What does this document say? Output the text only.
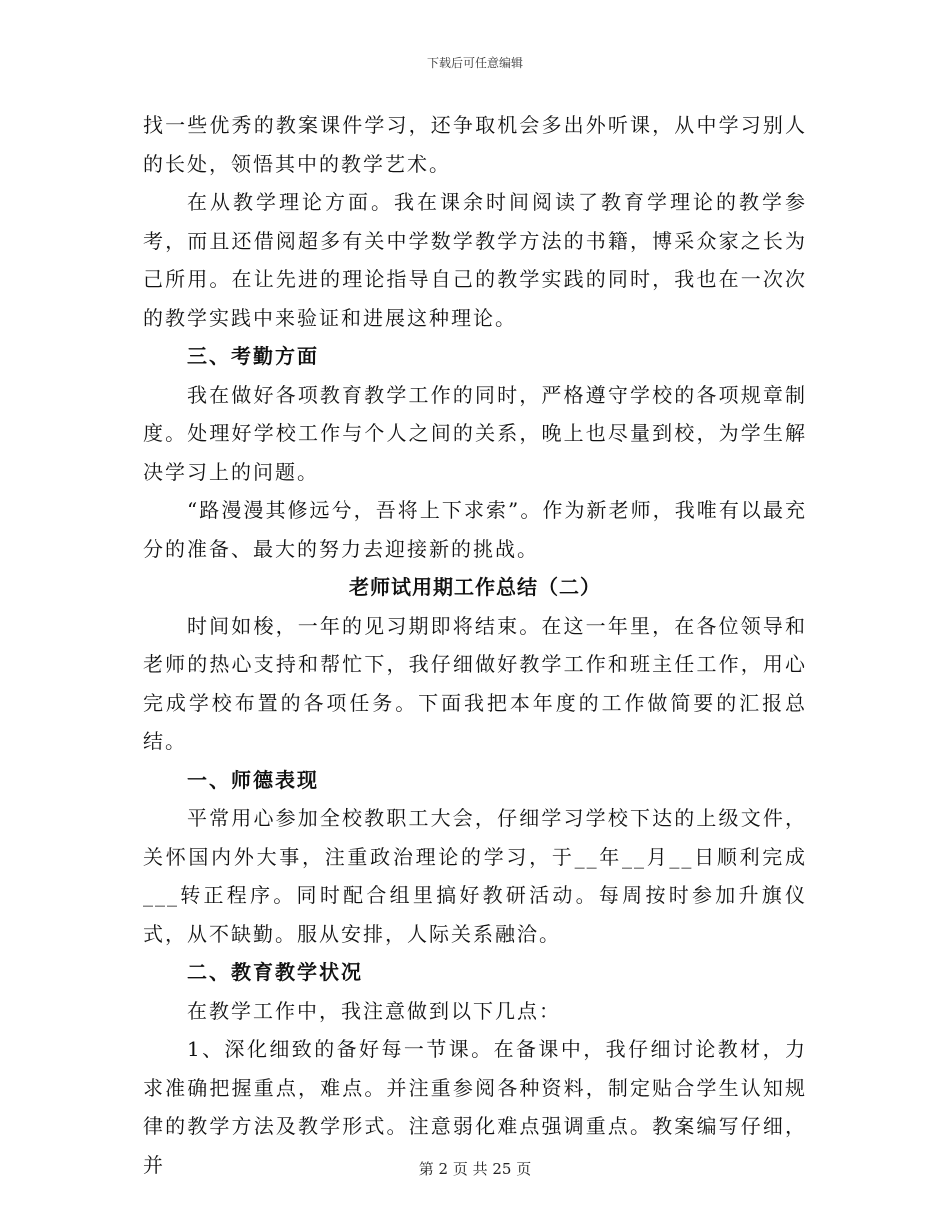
下载后可任意编辑

找一些优秀的教案课件学习，还争取机会多出外听课，从中学习别人的长处，领悟其中的教学艺术。

在从教学理论方面。我在课余时间阅读了教育学理论的教学参考，而且还借阅超多有关中学数学教学方法的书籍，博采众家之长为己所用。在让先进的理论指导自己的教学实践的同时，我也在一次次的教学实践中来验证和进展这种理论。

三、考勤方面

我在做好各项教育教学工作的同时，严格遵守学校的各项规章制度。处理好学校工作与个人之间的关系，晚上也尽量到校，为学生解决学习上的问题。

“路漫漫其修远兮，吾将上下求索”。作为新老师，我唯有以最充分的准备、最大的努力去迎接新的挑战。

老师试用期工作总结（二）

时间如梭，一年的见习期即将结束。在这一年里，在各位领导和老师的热心支持和帮忙下，我仔细做好教学工作和班主任工作，用心完成学校布置的各项任务。下面我把本年度的工作做简要的汇报总结。

一、师德表现

平常用心参加全校教职工大会，仔细学习学校下达的上级文件，关怀国内外大事，注重政治理论的学习，于__年__月__日顺利完成___转正程序。同时配合组里搞好教研活动。每周按时参加升旗仪式，从不缺勤。服从安排，人际关系融洽。

二、教育教学状况

在教学工作中，我注意做到以下几点：

1、深化细致的备好每一节课。在备课中，我仔细讨论教材，力求准确把握重点，难点。并注重参阅各种资料，制定贴合学生认知规律的教学方法及教学形式。注意弱化难点强调重点。教案编写仔细，并	第 2 页 共 25 页
